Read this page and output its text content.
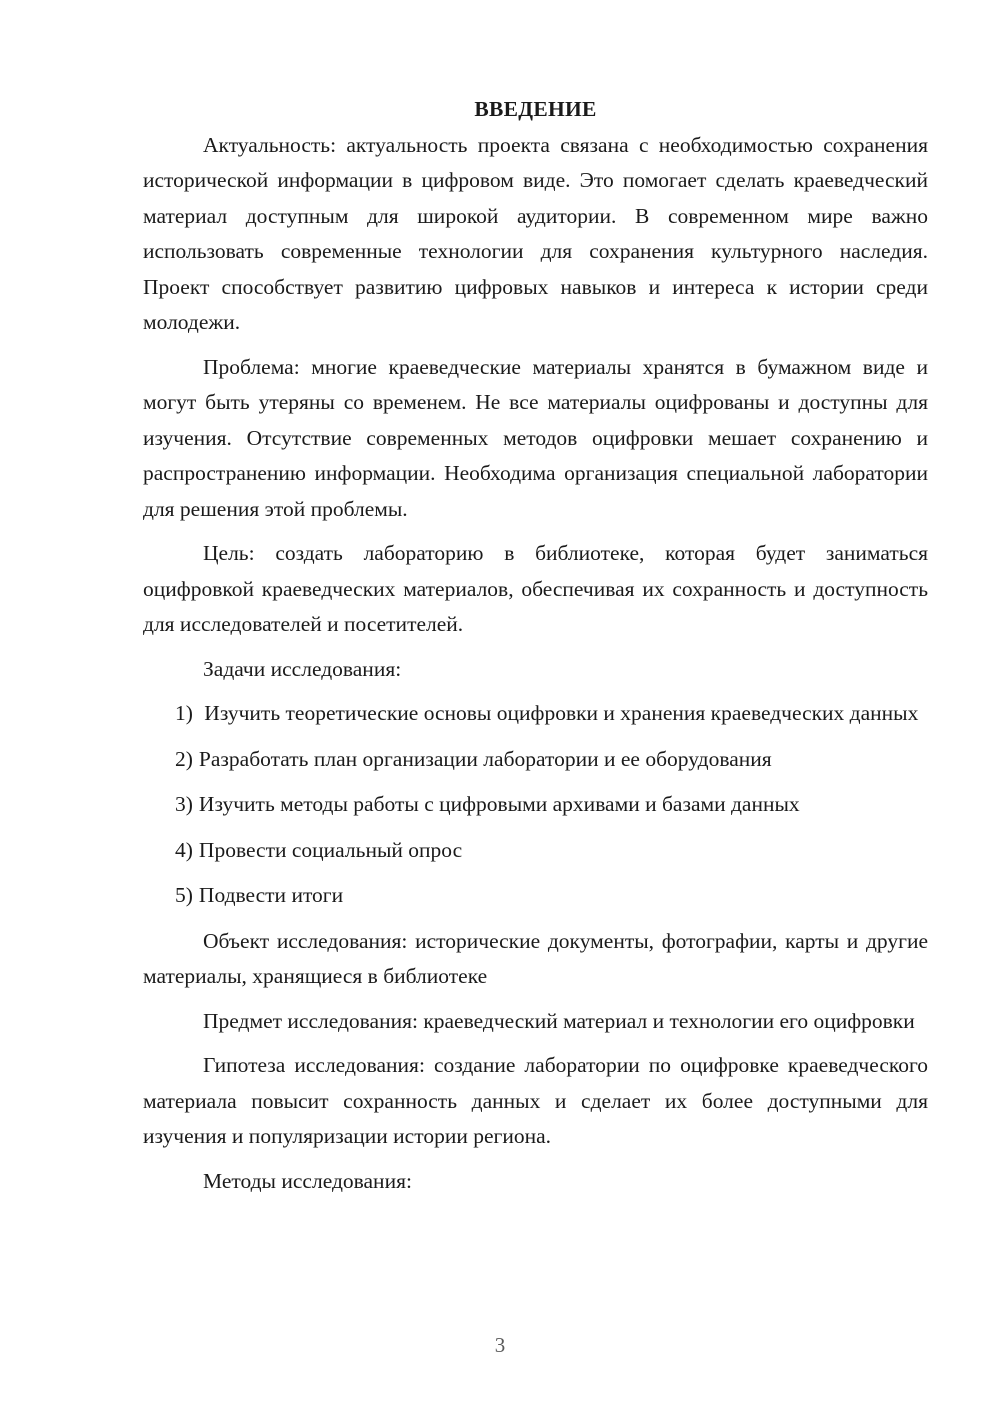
ВВЕДЕНИЕ

Актуальность: актуальность проекта связана с необходимостью сохранения исторической информации в цифровом виде. Это помогает сделать краеведческий материал доступным для широкой аудитории. В современном мире важно использовать современные технологии для сохранения культурного наследия. Проект способствует развитию цифровых навыков и интереса к истории среди молодежи.

Проблема: многие краеведческие материалы хранятся в бумажном виде и могут быть утеряны со временем. Не все материалы оцифрованы и доступны для изучения. Отсутствие современных методов оцифровки мешает сохранению и распространению информации. Необходима организация специальной лаборатории для решения этой проблемы.

Цель: создать лабораторию в библиотеке, которая будет заниматься оцифровкой краеведческих материалов, обеспечивая их сохранность и доступность для исследователей и посетителей.

Задачи исследования:

1) Изучить теоретические основы оцифровки и хранения краеведческих данных
2) Разработать план организации лаборатории и ее оборудования
3) Изучить методы работы с цифровыми архивами и базами данных
4) Провести социальный опрос
5) Подвести итоги

Объект исследования: исторические документы, фотографии, карты и другие материалы, хранящиеся в библиотеке

Предмет исследования: краеведческий материал и технологии его оцифровки

Гипотеза исследования: создание лаборатории по оцифровке краеведческого материала повысит сохранность данных и сделает их более доступными для изучения и популяризации истории региона.

Методы исследования:

3
